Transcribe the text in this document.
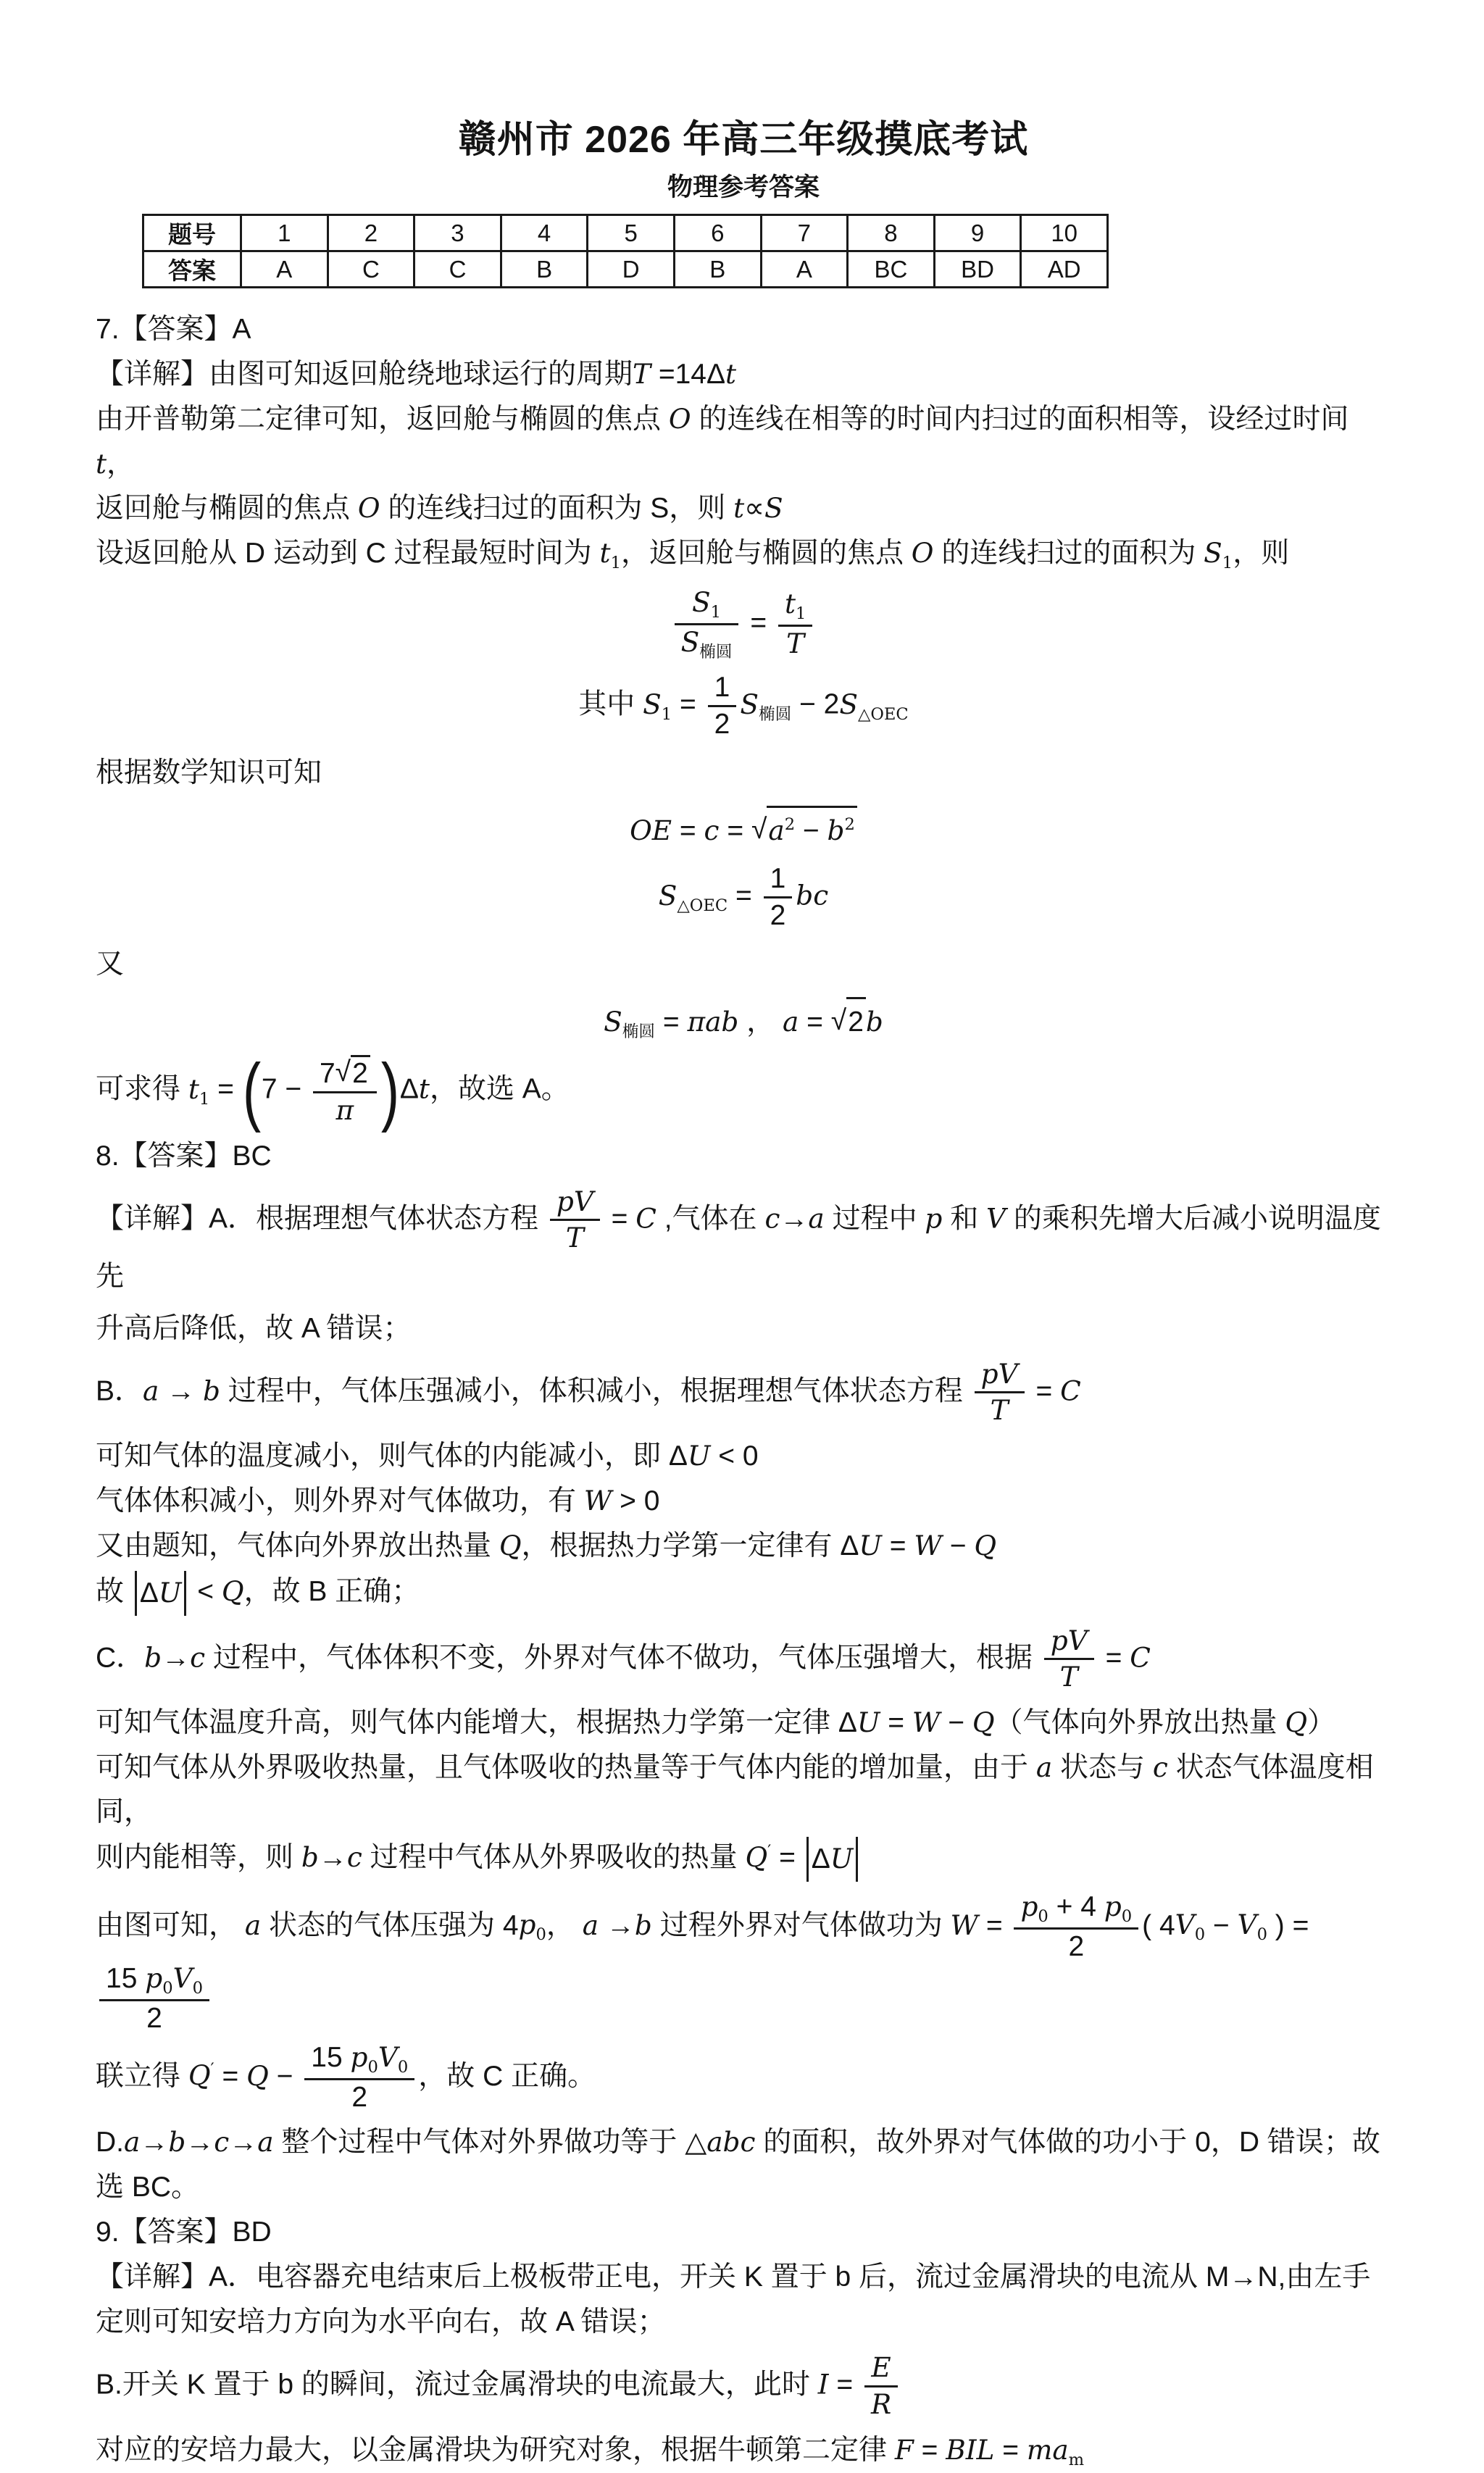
赣州市 2026 年高三年级摸底考试
物理参考答案
题号	1	2	3	4	5	6	7	8	9	10
答案	A	C	C	B	D	B	A	BC	BD	AD
7.【答案】A
【详解】由图可知返回舱绕地球运行的周期T =14Δt
由开普勒第二定律可知，返回舱与椭圆的焦点 O 的连线在相等的时间内扫过的面积相等，设经过时间 t，
返回舱与椭圆的焦点 O 的连线扫过的面积为 S，则 t∝S
设返回舱从 D 运动到 C 过程最短时间为 $t_1$，返回舱与椭圆的焦点 O 的连线扫过的面积为 $S_1$，则
$S_1$
$S_{椭圆}$
= $\frac{t_1}{T}$
其中 $S_1 = \frac{1}{2} S_{椭圆} - 2S_{\triangle OEC}$
根据数学知识可知
OE = $c = √a^2 - b^2$
$S_{\triangle OEC} = \frac{1}{2}$ bc
又
$S_{椭圆} = \pi ab$ ， a = √2b
可求得 $t_1$ = ( $7 - \frac{7√2}{\pi}$ ) Δt，故选 A。
8.【答案】BC
【详解】A．根据理想气体状态方程 $\frac{pV}{T} = C$ ,气体在 c→a 过程中 p 和 V 的乘积先增大后减小说明温度先
升高后降低，故 A 错误；
B．a → b 过程中，气体压强减小，体积减小，根据理想气体状态方程 $\frac{pV}{T} = C$
可知气体的温度减小，则气体的内能减小，即 ΔU < 0
气体体积减小，则外界对气体做功，有 W > 0
又由题知，气体向外界放出热量 Q，根据热力学第一定律有 ΔU = W − Q
故 ΔU < Q，故 B 正确；
C．b→c 过程中，气体体积不变，外界对气体不做功，气体压强增大，根据 $\frac{pV}{T} = C$
可知气体温度升高，则气体内能增大，根据热力学第一定律 ΔU = W − Q（气体向外界放出热量 Q）
可知气体从外界吸收热量，且气体吸收的热量等于气体内能的增加量，由于 a 状态与 c 状态气体温度相同，
则内能相等，则 b→c 过程中气体从外界吸收的热量 Q′ = ΔU
由图可知， a 状态的气体压强为 $4p_0$， a →b 过程外界对气体做功为 $W = \frac{p_0 + 4 p_0}{2}$ ( $4V_0 - V_0$ ) =
$\frac{15 p_0V_0}{2}$
联立得 $Q' = Q - \frac{15 p_0V_0}{2}$ ，故 C 正确。
D.a→b→c→a 整个过程中气体对外界做功等于 △abc 的面积，故外界对气体做的功小于 0，D 错误；故
选 BC。
9.【答案】BD
【详解】A．电容器充电结束后上极板带正电，开关 K 置于 b 后，流过金属滑块的电流从 M→N,由左手
定则可知安培力方向为水平向右，故 A 错误；
B.开关 K 置于 b 的瞬间，流过金属滑块的电流最大，此时 $I = \frac{E}{R}$
对应的安培力最大，以金属滑块为研究对象，根据牛顿第二定律 F = BIL = $ma_m$
